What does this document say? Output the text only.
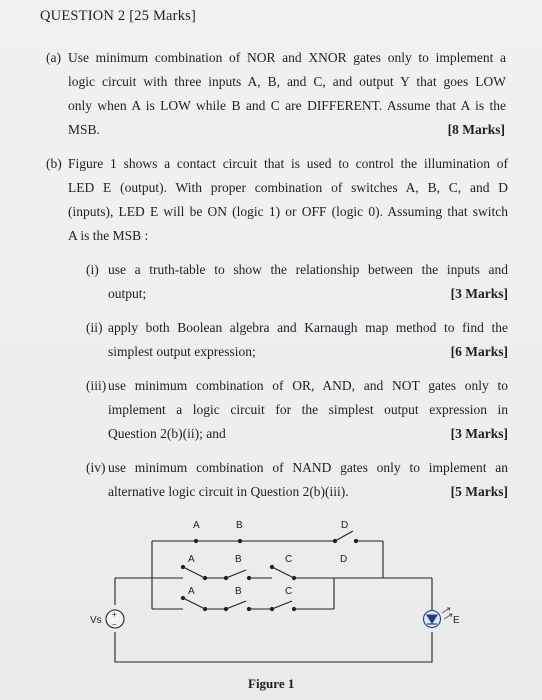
QUESTION 2 [25 Marks]
(a) Use minimum combination of NOR and XNOR gates only to implement a
logic circuit with three inputs A, B, and C, and output Y that goes LOW
only when A is LOW while B and C are DIFFERENT. Assume that A is the
MSB.	[8 Marks]
(b) Figure 1 shows a contact circuit that is used to control the illumination of
LED E (output). With proper combination of switches A, B, C, and D
(inputs), LED E will be ON (logic 1) or OFF (logic 0). Assuming that switch
A is the MSB :
(i) use a truth-table to show the relationship between the inputs and
output;	[3 Marks]
(ii) apply both Boolean algebra and Karnaugh map method to find the
simplest output expression;	[6 Marks]
(iii) use minimum combination of OR, AND, and NOT gates only to
implement a logic circuit for the simplest output expression in
Question 2(b)(ii); and	[3 Marks]
(iv) use minimum combination of NAND gates only to implement an
alternative logic circuit in Question 2(b)(iii).	[5 Marks]
A	B	D
A	B	C	D
A	B	C
Vs
+
−	E
Figure 1
